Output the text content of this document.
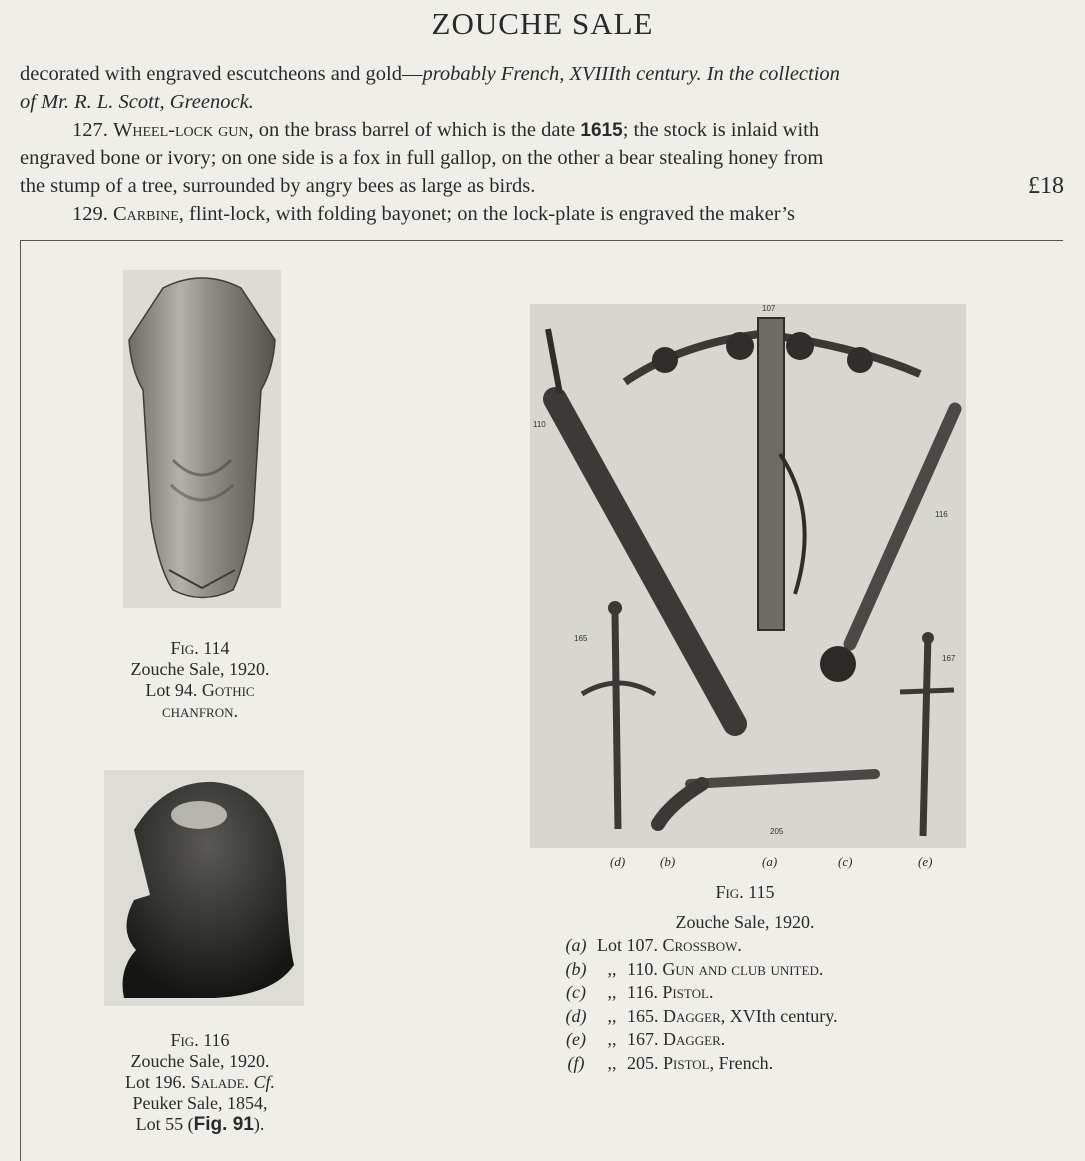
ZOUCHE SALE
decorated with engraved escutcheons and gold—probably French, XVIIIth century. In the collection
of Mr. R. L. Scott, Greenock.
127. Wheel-lock gun, on the brass barrel of which is the date 1615; the stock is inlaid with
engraved bone or ivory; on one side is a fox in full gallop, on the other a bear stealing honey from
the stump of a tree, surrounded by angry bees as large as birds.	£18
129. Carbine, flint-lock, with folding bayonet; on the lock-plate is engraved the maker’s
Fig. 114
Zouche Sale, 1920.
Lot 94. Gothic
chanfron.
Fig. 116
Zouche Sale, 1920.
Lot 196. Salade. Cf.
Peuker Sale, 1854,
Lot 55 (Fig. 91).
107
110
116
165
167
205
(d)	(b)	(a)	(c)	(e)
Fig. 115
Zouche Sale, 1920.
(a) Lot 107. Crossbow.
(b) ,, 110. Gun and club united.
(c) ,, 116. Pistol.
(d) ,, 165. Dagger, XVIth century.
(e) ,, 167. Dagger.
(f) ,, 205. Pistol, French.
